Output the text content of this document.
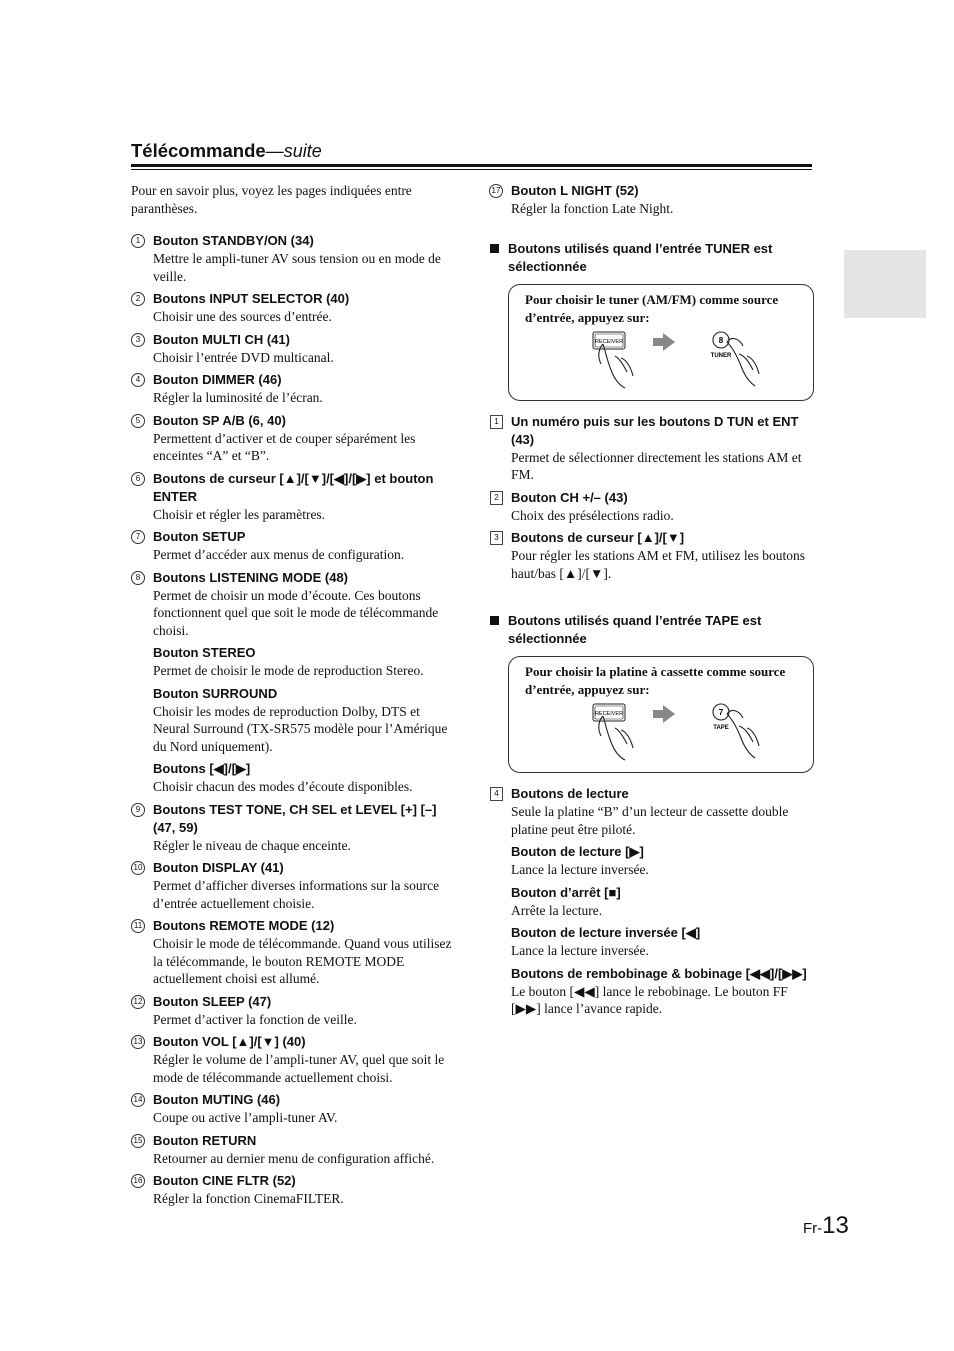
Télécommande—suite

Pour en savoir plus, voyez les pages indiquées entre paranthèses.

1 Bouton STANDBY/ON (34)
Mettre le ampli-tuner AV sous tension ou en mode de veille.
2 Boutons INPUT SELECTOR (40)
Choisir une des sources d’entrée.
3 Bouton MULTI CH (41)
Choisir l’entrée DVD multicanal.
4 Bouton DIMMER (46)
Régler la luminosité de l’écran.
5 Bouton SP A/B (6, 40)
Permettent d’activer et de couper séparément les enceintes “A” et “B”.
6 Boutons de curseur [▲]/[▼]/[◀]/[▶] et bouton ENTER
Choisir et régler les paramètres.
7 Bouton SETUP
Permet d’accéder aux menus de configuration.
8 Boutons LISTENING MODE (48)
Permet de choisir un mode d’écoute. Ces boutons fonctionnent quel que soit le mode de télécommande choisi.
Bouton STEREO
Permet de choisir le mode de reproduction Stereo.
Bouton SURROUND
Choisir les modes de reproduction Dolby, DTS et Neural Surround (TX-SR575 modèle pour l’Amérique du Nord uniquement).
Boutons [◀]/[▶]
Choisir chacun des modes d’écoute disponibles.
9 Boutons TEST TONE, CH SEL et LEVEL [+] [–] (47, 59)
Régler le niveau de chaque enceinte.
10 Bouton DISPLAY (41)
Permet d’afficher diverses informations sur la source d’entrée actuellement choisie.
11 Boutons REMOTE MODE (12)
Choisir le mode de télécommande. Quand vous utilisez la télécommande, le bouton REMOTE MODE actuellement choisi est allumé.
12 Bouton SLEEP (47)
Permet d’activer la fonction de veille.
13 Bouton VOL [▲]/[▼] (40)
Régler le volume de l’ampli-tuner AV, quel que soit le mode de télécommande actuellement choisi.
14 Bouton MUTING (46)
Coupe ou active l’ampli-tuner AV.
15 Bouton RETURN
Retourner au dernier menu de configuration affiché.
16 Bouton CINE FLTR (52)
Régler la fonction CinemaFILTER.
17 Bouton L NIGHT (52)
Régler la fonction Late Night.
Boutons utilisés quand l’entrée TUNER est sélectionnée
Pour choisir le tuner (AM/FM) comme source d’entrée, appuyez sur:
RECEIVER	8
TUNER
1 Un numéro puis sur les boutons D TUN et ENT (43)
Permet de sélectionner directement les stations AM et FM.
2 Bouton CH +/– (43)
Choix des présélections radio.
3 Boutons de curseur [▲]/[▼]
Pour régler les stations AM et FM, utilisez les boutons haut/bas [▲]/[▼].
Boutons utilisés quand l’entrée TAPE est sélectionnée
Pour choisir la platine à cassette comme source d’entrée, appuyez sur:
RECEIVER	7
TAPE
4 Boutons de lecture
Seule la platine “B” d’un lecteur de cassette double platine peut être piloté.
Bouton de lecture [▶]
Lance la lecture inversée.
Bouton d’arrêt [■]
Arrête la lecture.
Bouton de lecture inversée [◀]
Lance la lecture inversée.
Boutons de rembobinage & bobinage [◀◀]/[▶▶]
Le bouton [◀◀] lance le rebobinage. Le bouton FF [▶▶] lance l’avance rapide.
Fr-13
